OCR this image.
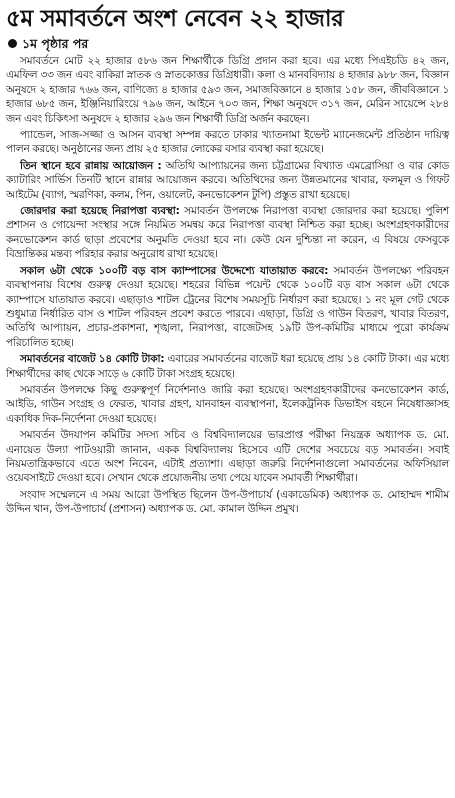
৫ম সমাবর্তনে অংশ নেবেন ২২ হাজার
১ম পৃষ্ঠার পর

সমাবর্তনে মোট ২২ হাজার ৫৮৬ জন শিক্ষার্থীকে ডিগ্রি প্রদান করা হবে। এর মধ্যে পিএইচডি ৪২ জন, এমফিল ৩৩ জন এবং বাকিরা স্নাতক ও স্নাতকোত্তর ডিগ্রিধারী। কলা ও মানববিদ্যায় ৪ হাজার ৯৮৮ জন, বিজ্ঞান অনুষদে ২ হাজার ৭৬৬ জন, বাণিজ্যে ৪ হাজার ৫৯৩ জন, সমাজবিজ্ঞানে ৪ হাজার ১৫৮ জন, জীববিজ্ঞানে ১ হাজার ৬৮৫ জন, ইঞ্জিনিয়ারিংয়ে ৭৯৬ জন, আইনে ৭০৩ জন, শিক্ষা অনুষদে ৩১৭ জন, মেরিন সায়েন্সে ২৮৪ জন এবং চিকিৎসা অনুষদে ২ হাজার ২৯৬ জন শিক্ষার্থী ডিগ্রি অর্জন করছেন।

প্যান্ডেল, সাজ-সজ্জা ও আসন ব্যবস্থা সম্পন্ন করতে ঢাকার খ্যাতনামা ইভেন্ট ম্যানেজমেন্ট প্রতিষ্ঠান দায়িত্ব পালন করছে। অনুষ্ঠানের জন্য প্রায় ২৫ হাজার লোকের বসার ব্যবস্থা করা হয়েছে।

তিন স্থানে হবে রান্নায় আয়োজন : অতিথি আপ্যায়নের জন্য চট্টগ্রামের বিখ্যাত এমব্রোসিয়া ও বার কোড ক্যাটারিং সার্ভিস তিনটি স্থানে রান্নার আয়োজন করবে। অতিথিদের জন্য উন্নতমানের খাবার, ফলমূল ও গিফট আইটেম (ব্যাগ, স্মরণিকা, কলম, পিন, ওয়ালেট, কনভোকেশন টুপি) প্রস্তুত রাখা হয়েছে।

জোরদার করা হয়েছে নিরাপত্তা ব্যবস্থা: সমাবর্তন উপলক্ষে নিরাপত্তা ব্যবস্থা জোরদার করা হয়েছে। পুলিশ প্রশাসন ও গোয়েন্দা সংস্থার সঙ্গে নিয়মিত সমন্বয় করে নিরাপত্তা ব্যবস্থা নিশ্চিত করা হচ্ছে। অংশগ্রহণকারীদের কনভোকেশন কার্ড ছাড়া প্রবেশের অনুমতি দেওয়া হবে না। কেউ যেন দুশ্চিন্তা না করেন, এ বিষয়ে ফেসবুকে বিভ্রান্তিকর মন্তব্য পরিহার করার অনুরোধ রাখা হয়েছে।

সকাল ৬টা থেকে ১০০টি বড় বাস ক্যাম্পাসের উদ্দেশ্যে যাতায়াত করবে: সমাবর্তন উপলক্ষ্যে পরিবহন ব্যবস্থাপনায় বিশেষ গুরুত্ব দেওয়া হয়েছে। শহরের বিভিন্ন পয়েন্ট থেকে ১০০টি বড় বাস সকাল ৬টা থেকে ক্যাম্পাসে যাতায়াত করবে। এছাড়াও শাটল ট্রেনের বিশেষ সময়সূচি নির্ধারণ করা হয়েছে। ১ নং মূল গেট থেকে শুধুমাত্র নির্ধারিত বাস ও শাটল পরিবহন প্রবেশ করতে পারবে। এছাড়া, ডিগ্রি ও গাউন বিতরণ, খাবার বিতরণ, অতিথি আপ্যায়ন, প্রচার-প্রকাশনা, শৃঙ্খলা, নিরাপত্তা, বাজেটসহ ১৯টি উপ-কমিটির মাধ্যমে পুরো কার্যক্রম পরিচালিত হচ্ছে।

সমাবর্তনের বাজেট ১৪ কোটি টাকা: এবারের সমাবর্তনের বাজেট ধরা হয়েছে প্রায় ১৪ কোটি টাকা। এর মধ্যে শিক্ষার্থীদের কাছ থেকে সাড়ে ৬ কোটি টাকা সংগ্রহ হয়েছে।

সমাবর্তন উপলক্ষে কিছু গুরুত্বপূর্ণ নির্দেশনাও জারি করা হয়েছে। অংশগ্রহণকারীদের কনভোকেশন কার্ড, আইডি, গাউন সংগ্রহ ও ফেরত, খাবার গ্রহণ, যানবাহন ব্যবস্থাপনা, ইলেকট্রনিক ডিভাইস বহনে নিষেধাজ্ঞাসহ একাধিক দিক-নির্দেশনা দেওয়া হয়েছে।

সমাবর্তন উদযাপন কমিটির সদস্য সচিব ও বিশ্ববিদ্যালয়ের ভারপ্রাপ্ত পরীক্ষা নিয়ন্ত্রক অধ্যাপক ড. মো. এনায়েত উল্যা পাটওয়ারী জানান, একক বিশ্ববিদ্যালয় হিসেবে এটি দেশের সবচেয়ে বড় সমাবর্তন। সবাই নিয়মতান্ত্রিকভাবে এতে অংশ নিবেন, এটাই প্রত্যাশা। এছাড়া জরুরি নির্দেশনাগুলো সমাবর্তনের অফিসিয়াল ওয়েবসাইটে দেওয়া হবে। সেখান থেকে প্রয়োজনীয় তথ্য পেয়ে যাবেন সমাবর্তী শিক্ষার্থীরা।

সংবাদ সম্মেলনে এ সময় আরো উপস্থিত ছিলেন উপ-উপাচার্য (একাডেমিক) অধ্যাপক ড. মোহাম্মদ শামীম উদ্দিন খান, উপ-উপাচার্য (প্রশাসন) অধ্যাপক ড. মো. কামাল উদ্দিন প্রমুখ।
